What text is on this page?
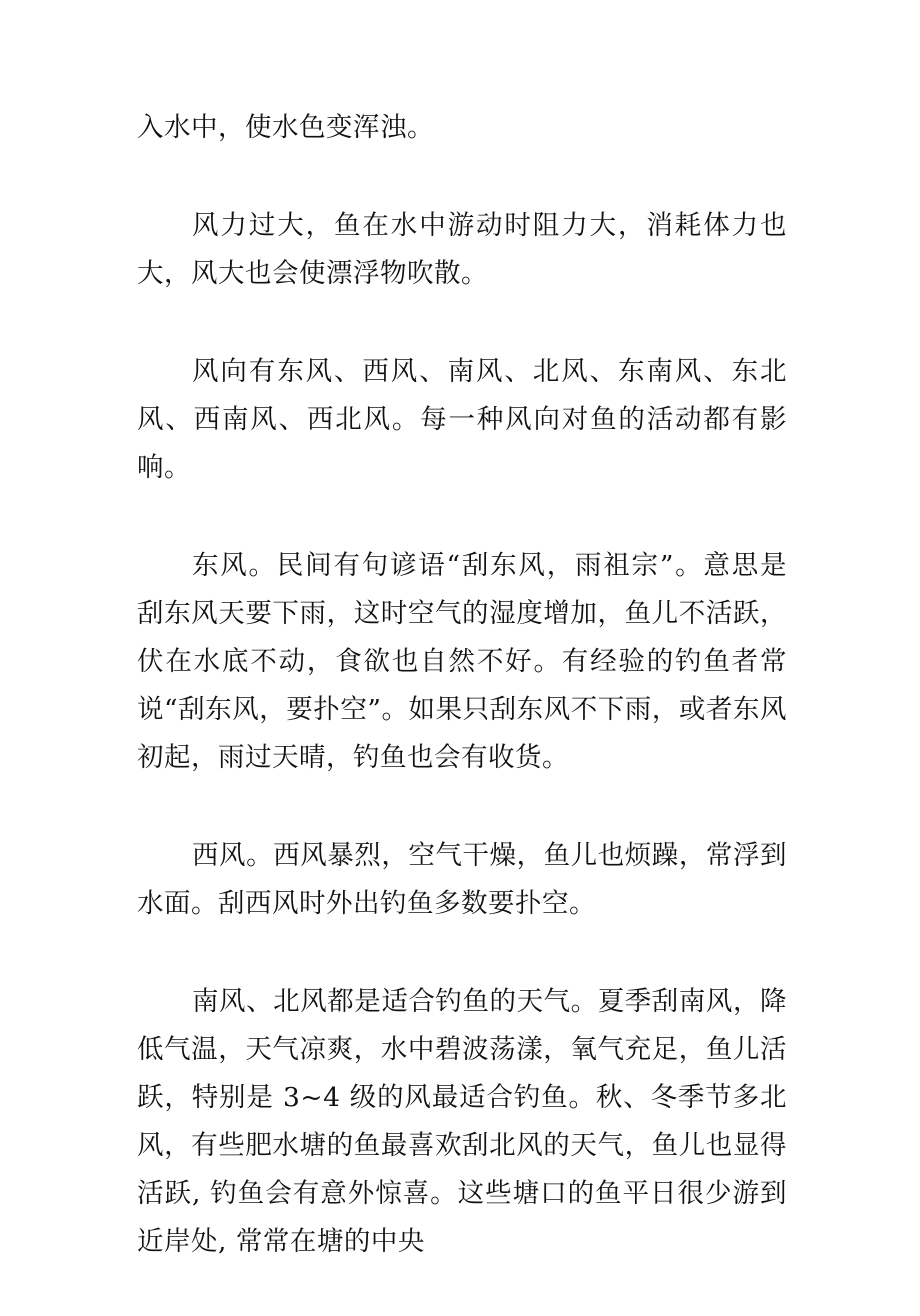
入水中，使水色变浑浊。

风力过大，鱼在水中游动时阻力大，消耗体力也大，风大也会使漂浮物吹散。

风向有东风、西风、南风、北风、东南风、东北风、西南风、西北风。每一种风向对鱼的活动都有影响。

东风。民间有句谚语“刮东风，雨祖宗”。意思是刮东风天要下雨，这时空气的湿度增加，鱼儿不活跃，伏在水底不动，食欲也自然不好。有经验的钓鱼者常说“刮东风，要扑空”。如果只刮东风不下雨，或者东风初起，雨过天晴，钓鱼也会有收货。

西风。西风暴烈，空气干燥，鱼儿也烦躁，常浮到水面。刮西风时外出钓鱼多数要扑空。

南风、北风都是适合钓鱼的天气。夏季刮南风，降低气温，天气凉爽，水中碧波荡漾，氧气充足，鱼儿活跃，特别是 3~4 级的风最适合钓鱼。秋、冬季节多北风，有些肥水塘的鱼最喜欢刮北风的天气，鱼儿也显得活跃, 钓鱼会有意外惊喜。这些塘口的鱼平日很少游到近岸处, 常常在塘的中央
